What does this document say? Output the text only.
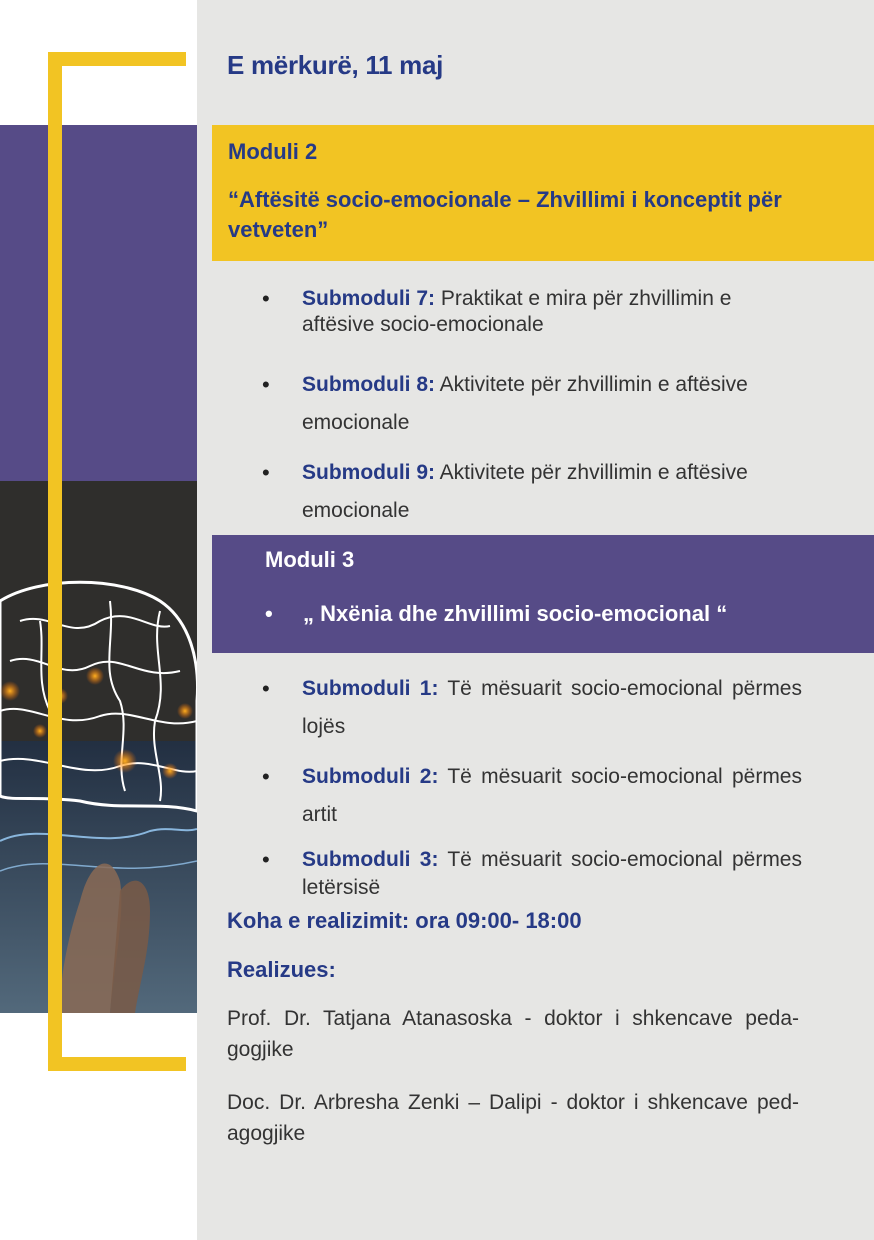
E mërkurë, 11 maj
Moduli 2
“Aftësitë socio-emocionale – Zhvillimi i konceptit për vetveten”
• Submoduli 7: Praktikat e mira për zhvillimin e aftësive socio-emocionale
• Submoduli 8: Aktivitete për zhvillimin e aftësive emocionale
• Submoduli 9: Aktivitete për zhvillimin e aftësive emocionale
Moduli 3
• „ Nxënia dhe zhvillimi socio-emocional “
• Submoduli 1: Të mësuarit socio-emocional përmes lojës
• Submoduli 2: Të mësuarit socio-emocional përmes artit
• Submoduli 3: Të mësuarit socio-emocional përmes letërsisë
Koha e realizimit: ora 09:00- 18:00
Realizues:
Prof. Dr. Tatjana Atanasoska - doktor i shkencave peda-gogjike
Doc. Dr. Arbresha Zenki – Dalipi - doktor i shkencave ped-agogjike
